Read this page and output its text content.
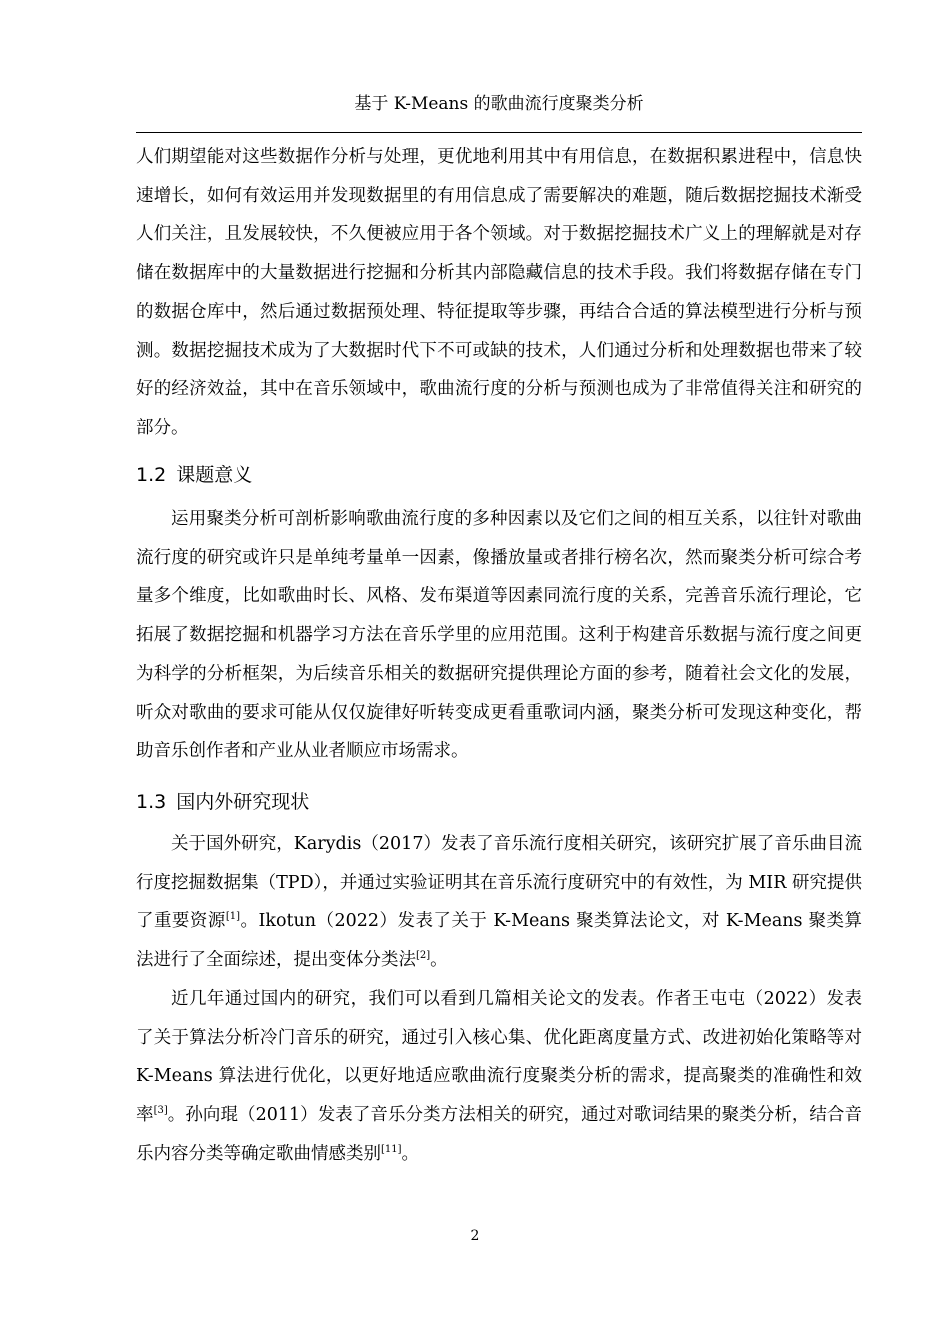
基于 K-Means 的歌曲流行度聚类分析

人们期望能对这些数据作分析与处理，更优地利用其中有用信息，在数据积累进程中，信息快速增长，如何有效运用并发现数据里的有用信息成了需要解决的难题，随后数据挖掘技术渐受人们关注，且发展较快，不久便被应用于各个领域。对于数据挖掘技术广义上的理解就是对存储在数据库中的大量数据进行挖掘和分析其内部隐藏信息的技术手段。我们将数据存储在专门的数据仓库中，然后通过数据预处理、特征提取等步骤，再结合合适的算法模型进行分析与预测。数据挖掘技术成为了大数据时代下不可或缺的技术，人们通过分析和处理数据也带来了较好的经济效益，其中在音乐领域中，歌曲流行度的分析与预测也成为了非常值得关注和研究的部分。

1.2 课题意义

运用聚类分析可剖析影响歌曲流行度的多种因素以及它们之间的相互关系，以往针对歌曲流行度的研究或许只是单纯考量单一因素，像播放量或者排行榜名次，然而聚类分析可综合考量多个维度，比如歌曲时长、风格、发布渠道等因素同流行度的关系，完善音乐流行理论，它拓展了数据挖掘和机器学习方法在音乐学里的应用范围。这利于构建音乐数据与流行度之间更为科学的分析框架，为后续音乐相关的数据研究提供理论方面的参考，随着社会文化的发展，听众对歌曲的要求可能从仅仅旋律好听转变成更看重歌词内涵，聚类分析可发现这种变化，帮助音乐创作者和产业从业者顺应市场需求。

1.3 国内外研究现状

关于国外研究，Karydis（2017）发表了音乐流行度相关研究，该研究扩展了音乐曲目流行度挖掘数据集（TPD），并通过实验证明其在音乐流行度研究中的有效性，为 MIR 研究提供了重要资源[1]。Ikotun（2022）发表了关于 K-Means 聚类算法论文，对 K-Means 聚类算法进行了全面综述，提出变体分类法[2]。

近几年通过国内的研究，我们可以看到几篇相关论文的发表。作者王屯屯（2022）发表了关于算法分析冷门音乐的研究，通过引入核心集、优化距离度量方式、改进初始化策略等对 K-Means 算法进行优化，以更好地适应歌曲流行度聚类分析的需求，提高聚类的准确性和效率[3]。孙向琨（2011）发表了音乐分类方法相关的研究，通过对歌词结果的聚类分析，结合音乐内容分类等确定歌曲情感类别[11]。

2
